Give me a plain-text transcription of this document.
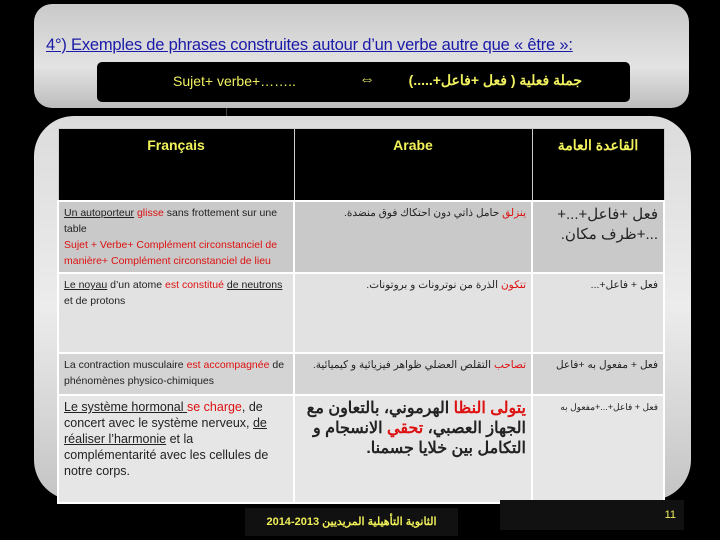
4°) Exemples de phrases construites autour d’un verbe autre que « être »:
Sujet+ verbe+……..	⇔ جملة فعلية ( فعل +فاعل+.....)
Français	Arabe	القاعدة العامة
Un autoporteur glisse sans frottement sur une table
Sujet + Verbe+ Complément circonstanciel de manière+ Complément circonstanciel de lieu	ينزلق حامل ذاتي دون احتكاك فوق منضدة.	فعل +فاعل+...+ ...+ظرف مكان.
Le noyau d’un atome est constitué de neutrons et de protons	تتكون الذرة من نوترونات و بروتونات.	فعل + فاعل+...
La contraction musculaire est accompagnée de phénomènes physico-chimiques	تصاحب التقلص العضلي ظواهر فيزيائية و كيميائية.	فعل + مفعول به +فاعل
Le système hormonal se charge, de concert avec le système nerveux, de réaliser l’harmonie et la complémentarité avec les cellules de notre corps.	يتولى النظا الهرموني، بالتعاون مع الجهاز العصبي، تحقي الانسجام و التكامل بين خلايا جسمنا.	فعل + فاعل+...+مفعول به
الثانوية التأهيلية المريديين 2013-2014
11
